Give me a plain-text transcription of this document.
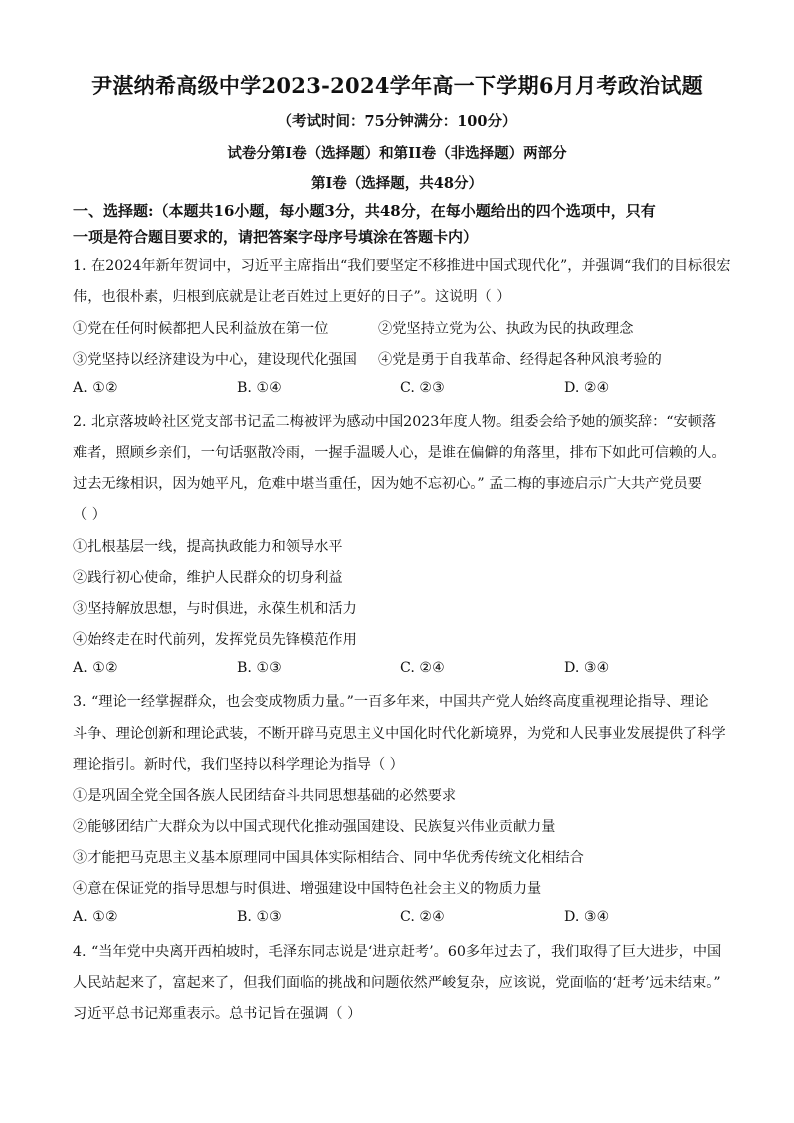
尹湛纳希高级中学2023-2024学年高一下学期6月月考政治试题
（考试时间：75分钟满分：100分）
试卷分第I卷（选择题）和第II卷（非选择题）两部分
第I卷（选择题，共48分）
一、选择题:（本题共16小题，每小题3分，共48分，在每小题给出的四个选项中，只有
一项是符合题目要求的，请把答案字母序号填涂在答题卡内）
1. 在2024年新年贺词中，习近平主席指出“我们要坚定不移推进中国式现代化”，并强调“我们的目标很宏
伟，也很朴素，归根到底就是让老百姓过上更好的日子”。这说明（ ）
①党在任何时候都把人民利益放在第一位	②党坚持立党为公、执政为民的执政理念
③党坚持以经济建设为中心，建设现代化强国 ④党是勇于自我革命、经得起各种风浪考验的
A. ①②	B. ①④	C. ②③	D. ②④
2. 北京落坡岭社区党支部书记孟二梅被评为感动中国2023年度人物。组委会给予她的颁奖辞：“安顿落
难者，照顾乡亲们，一句话驱散冷雨，一握手温暖人心，是谁在偏僻的角落里，排布下如此可信赖的人。
过去无缘相识，因为她平凡，危难中堪当重任，因为她不忘初心。” 孟二梅的事迹启示广大共产党员要
（ ）
①扎根基层一线，提高执政能力和领导水平
②践行初心使命，维护人民群众的切身利益
③坚持解放思想，与时俱进，永葆生机和活力
④始终走在时代前列，发挥党员先锋模范作用
A. ①②	B. ①③	C. ②④	D. ③④
3. “理论一经掌握群众，也会变成物质力量。”一百多年来，中国共产党人始终高度重视理论指导、理论
斗争、理论创新和理论武装，不断开辟马克思主义中国化时代化新境界，为党和人民事业发展提供了科学
理论指引。新时代，我们坚持以科学理论为指导（ ）
①是巩固全党全国各族人民团结奋斗共同思想基础的必然要求
②能够团结广大群众为以中国式现代化推动强国建设、民族复兴伟业贡献力量
③才能把马克思主义基本原理同中国具体实际相结合、同中华优秀传统文化相结合
④意在保证党的指导思想与时俱进、增强建设中国特色社会主义的物质力量
A. ①②	B. ①③	C. ②④	D. ③④
4. “当年党中央离开西柏坡时，毛泽东同志说是‘进京赶考’。60多年过去了，我们取得了巨大进步，中国
人民站起来了，富起来了，但我们面临的挑战和问题依然严峻复杂，应该说，党面临的‘赶考’远未结束。”
习近平总书记郑重表示。总书记旨在强调（ ）
